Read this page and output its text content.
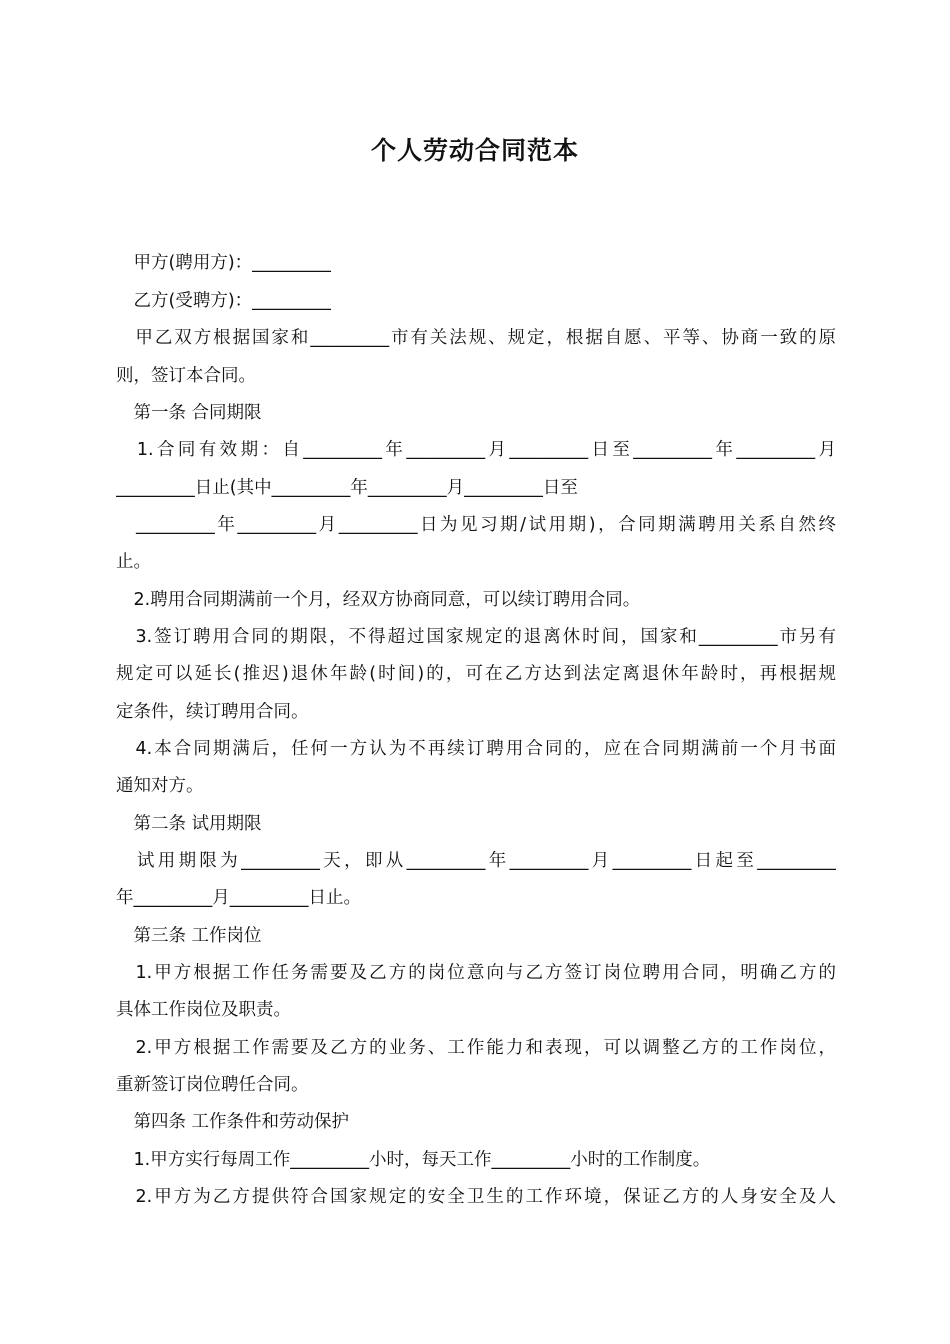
个人劳动合同范本
　甲方(聘用方)：_________
　乙方(受聘方)：_________
　甲乙双方根据国家和_________市有关法规、规定，根据自愿、平等、协商一致的原
则，签订本合同。
　第一条 合同期限
　1.合同有效期：自_________年_________月_________日至_________年_________月
_________日止(其中_________年_________月_________日至
　_________年_________月_________日为见习期/试用期)，合同期满聘用关系自然终
止。
　2.聘用合同期满前一个月，经双方协商同意，可以续订聘用合同。
　3.签订聘用合同的期限，不得超过国家规定的退离休时间，国家和_________市另有
规定可以延长(推迟)退休年龄(时间)的，可在乙方达到法定离退休年龄时，再根据规
定条件，续订聘用合同。
　4.本合同期满后，任何一方认为不再续订聘用合同的，应在合同期满前一个月书面
通知对方。
　第二条 试用期限
　试用期限为_________天，即从_________年_________月_________日起至_________
年_________月_________日止。
　第三条 工作岗位
　1.甲方根据工作任务需要及乙方的岗位意向与乙方签订岗位聘用合同，明确乙方的
具体工作岗位及职责。
　2.甲方根据工作需要及乙方的业务、工作能力和表现，可以调整乙方的工作岗位，
重新签订岗位聘任合同。
　第四条 工作条件和劳动保护
　1.甲方实行每周工作_________小时，每天工作_________小时的工作制度。
　2.甲方为乙方提供符合国家规定的安全卫生的工作环境，保证乙方的人身安全及人
